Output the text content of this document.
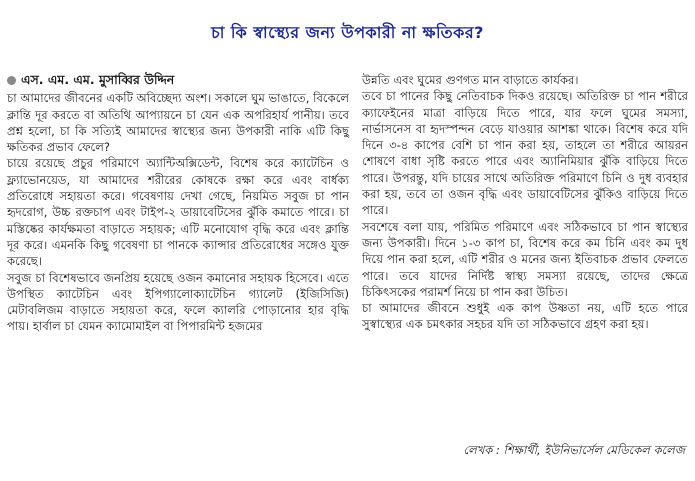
চা কি স্বাস্থ্যের জন্য উপকারী না ক্ষতিকর?
এস. এম. এম. মুসাব্বির উদ্দিন

চা আমাদের জীবনের একটি অবিচ্ছেদ্য অংশ। সকালে ঘুম ভাঙাতে, বিকেলে ক্লান্তি দূর করতে বা অতিথি আপ্যায়নে চা যেন এক অপরিহার্য পানীয়। তবে প্রশ্ন হলো, চা কি সত্যিই আমাদের স্বাস্থ্যের জন্য উপকারী নাকি এটি কিছু ক্ষতিকর প্রভাব ফেলে?

চায়ে রয়েছে প্রচুর পরিমাণে অ্যান্টিঅক্সিডেন্ট, বিশেষ করে ক্যাটেচিন ও ফ্ল্যাভোনয়েড, যা আমাদের শরীরের কোষকে রক্ষা করে এবং বার্ধক্য প্রতিরোধে সহায়তা করে। গবেষণায় দেখা গেছে, নিয়মিত সবুজ চা পান হৃদরোগ, উচ্চ রক্তচাপ এবং টাইপ-২ ডায়াবেটিসের ঝুঁকি কমাতে পারে। চা মস্তিষ্কের কার্যক্ষমতা বাড়াতে সহায়ক; এটি মনোযোগ বৃদ্ধি করে এবং ক্লান্তি দূর করে। এমনকি কিছু গবেষণা চা পানকে ক্যান্সার প্রতিরোধের সঙ্গেও যুক্ত করেছে।

সবুজ চা বিশেষভাবে জনপ্রিয় হয়েছে ওজন কমানোর সহায়ক হিসেবে। এতে উপস্থিত ক্যাটেচিন এবং ইপিগ্যালোক্যাটেচিন গ্যালেট (ইজিসিজি) মেটাবলিজম বাড়াতে সহায়তা করে, ফলে ক্যালরি পোড়ানোর হার বৃদ্ধি পায়। হার্বাল চা যেমন ক্যামোমাইল বা পিপারমিন্ট হজমের

উন্নতি এবং ঘুমের গুণগত মান বাড়াতে কার্যকর।

তবে চা পানের কিছু নেতিবাচক দিকও রয়েছে। অতিরিক্ত চা পান শরীরে ক্যাফেইনের মাত্রা বাড়িয়ে দিতে পারে, যার ফলে ঘুমের সমস্যা, নার্ভাসনেস বা হৃদস্পন্দন বেড়ে যাওয়ার আশঙ্কা থাকে। বিশেষ করে যদি দিনে ৩-৪ কাপের বেশি চা পান করা হয়, তাহলে তা শরীরে আয়রন শোষণে বাধা সৃষ্টি করতে পারে এবং অ্যানিমিয়ার ঝুঁকি বাড়িয়ে দিতে পারে। উপরন্তু, যদি চায়ের সাথে অতিরিক্ত পরিমাণে চিনি ও দুধ ব্যবহার করা হয়, তবে তা ওজন বৃদ্ধি এবং ডায়াবেটিসের ঝুঁকিও বাড়িয়ে দিতে পারে।

সবশেষে বলা যায়, পরিমিত পরিমাণে এবং সঠিকভাবে চা পান স্বাস্থ্যের জন্য উপকারী। দিনে ১-৩ কাপ চা, বিশেষ করে কম চিনি এবং কম দুধ দিয়ে পান করা হলে, এটি শরীর ও মনের জন্য ইতিবাচক প্রভাব ফেলতে পারে। তবে যাদের নির্দিষ্ট স্বাস্থ্য সমস্যা রয়েছে, তাদের ক্ষেত্রে চিকিৎসকের পরামর্শ নিয়ে চা পান করা উচিত।

চা আমাদের জীবনে শুধুই এক কাপ উষ্ণতা নয়, এটি হতে পারে সুস্বাস্থ্যের এক চমৎকার সহচর যদি তা সঠিকভাবে গ্রহণ করা হয়।

লেখক : শিক্ষার্থী, ইউনিভার্সেল মেডিকেল কলেজ
